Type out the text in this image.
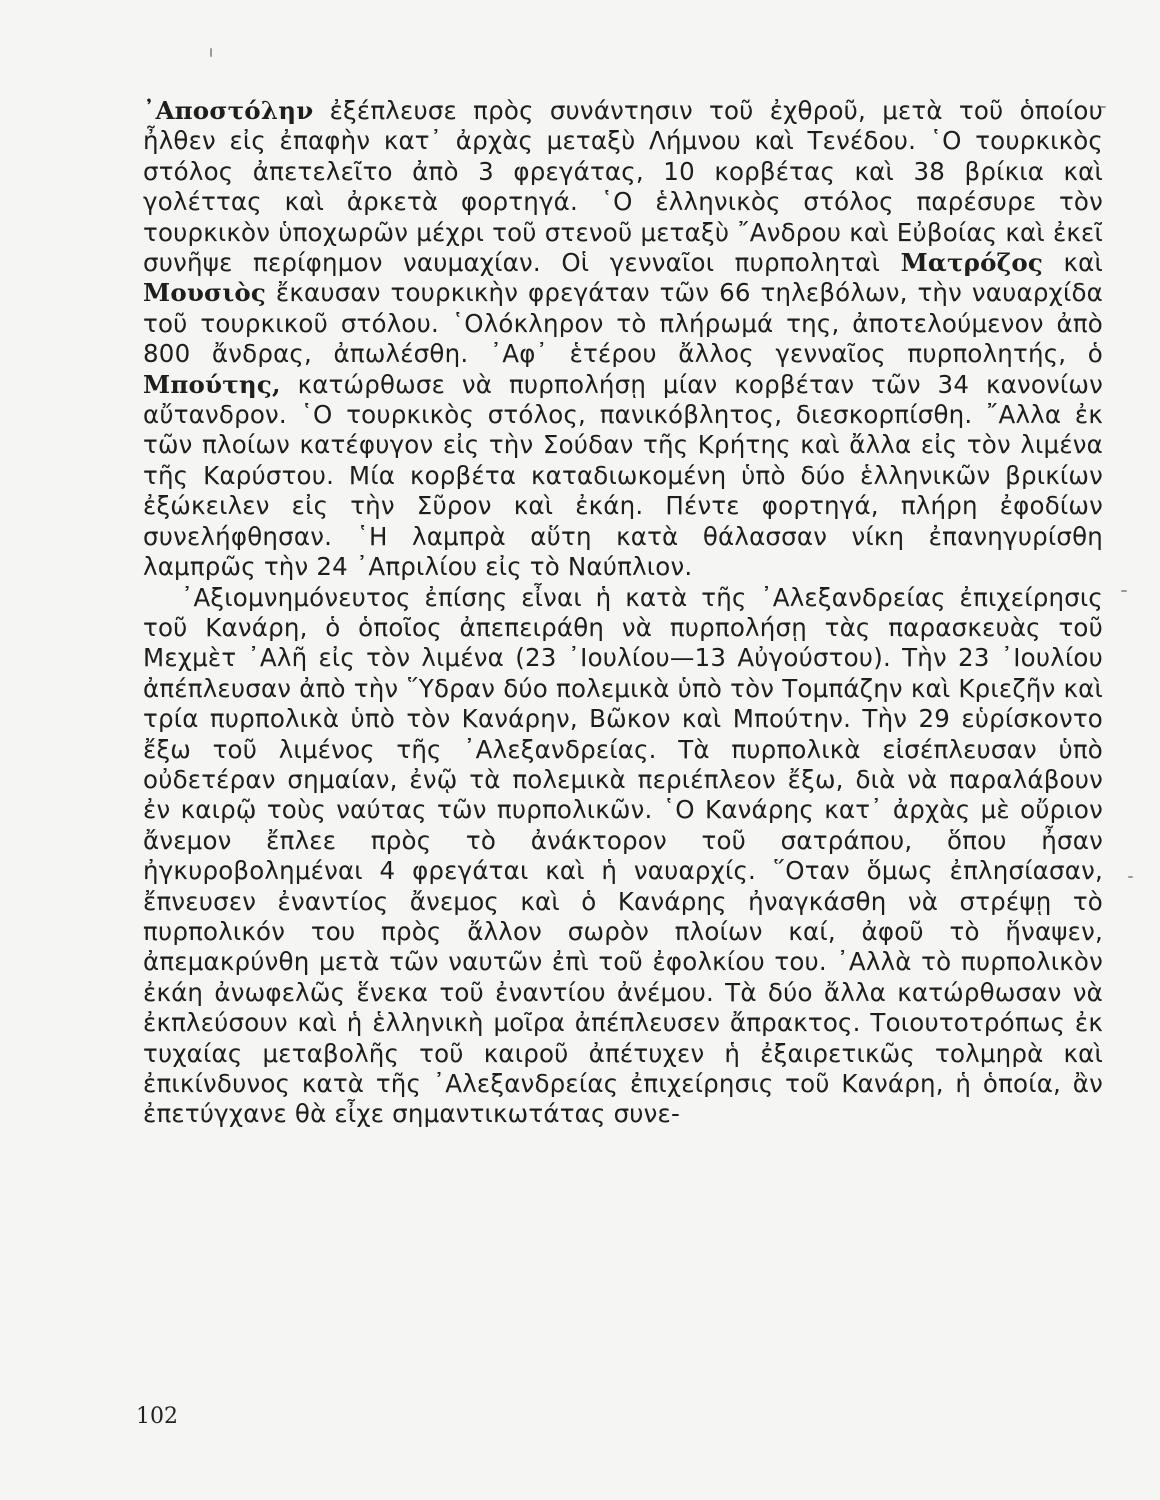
᾽Αποστόλην ἐξέπλευσε πρὸς συνάντησιν τοῦ ἐχθροῦ, μετὰ τοῦ ὁποίου ἦλθεν εἰς ἐπαφὴν κατ᾽ ἀρχὰς μεταξὺ Λήμνου καὶ Τενέδου. ῾Ο τουρκικὸς στόλος ἀπετελεῖτο ἀπὸ 3 φρεγάτας, 10 κορβέτας καὶ 38 βρίκια καὶ γολέττας καὶ ἀρκετὰ φορτηγά. ῾Ο ἑλληνικὸς στόλος παρέσυρε τὸν τουρκικὸν ὑποχωρῶν μέχρι τοῦ στενοῦ μεταξὺ ῎Ανδρου καὶ Εὐβοίας καὶ ἐκεῖ συνῆψε περίφημον ναυμαχίαν. Οἱ γενναῖοι πυρποληταὶ Ματρόζος καὶ Μουσιὸς ἔκαυσαν τουρκικὴν φρεγάταν τῶν 66 τηλεβόλων, τὴν ναυαρχίδα τοῦ τουρκικοῦ στόλου. ῾Ολόκληρον τὸ πλήρωμά της, ἀποτελούμενον ἀπὸ 800 ἄνδρας, ἀπωλέσθη. ᾽Αφ᾽ ἑτέρου ἄλλος γενναῖος πυρπολητής, ὁ Μπούτης, κατώρθωσε νὰ πυρπολήσῃ μίαν κορβέταν τῶν 34 κανονίων αὔτανδρον. ῾Ο τουρκικὸς στόλος, πανικόβλητος, διεσκορπίσθη. ῎Αλλα ἐκ τῶν πλοίων κατέφυγον εἰς τὴν Σούδαν τῆς Κρήτης καὶ ἄλλα εἰς τὸν λιμένα τῆς Καρύστου. Μία κορβέτα καταδιωκομένη ὑπὸ δύο ἑλληνικῶν βρικίων ἐξώκειλεν εἰς τὴν Σῦρον καὶ ἐκάη. Πέντε φορτηγά, πλήρη ἐφοδίων συνελήφθησαν. ῾Η λαμπρὰ αὕτη κατὰ θάλασσαν νίκη ἐπανηγυρίσθη λαμπρῶς τὴν 24 ᾽Απριλίου εἰς τὸ Ναύπλιον.

᾽Αξιομνημόνευτος ἐπίσης εἶναι ἡ κατὰ τῆς ᾽Αλεξανδρείας ἐπιχείρησις τοῦ Κανάρη, ὁ ὁποῖος ἀπεπειράθη νὰ πυρπολήσῃ τὰς παρασκευὰς τοῦ Μεχμὲτ ᾽Αλῆ εἰς τὸν λιμένα (23 ᾽Ιουλίου—13 Αὐγούστου). Τὴν 23 ᾽Ιουλίου ἀπέπλευσαν ἀπὸ τὴν ῞Υδραν δύο πολεμικὰ ὑπὸ τὸν Τομπάζην καὶ Κριεζῆν καὶ τρία πυρπολικὰ ὑπὸ τὸν Κανάρην, Βῶκον καὶ Μπούτην. Τὴν 29 εὑρίσκοντο ἔξω τοῦ λιμένος τῆς ᾽Αλεξανδρείας. Τὰ πυρπολικὰ εἰσέπλευσαν ὑπὸ οὐδετέραν σημαίαν, ἐνῷ τὰ πολεμικὰ περιέπλεον ἔξω, διὰ νὰ παραλάβουν ἐν καιρῷ τοὺς ναύτας τῶν πυρπολικῶν. ῾Ο Κανάρης κατ᾽ ἀρχὰς μὲ οὔριον ἄνεμον ἔπλεε πρὸς τὸ ἀνάκτορον τοῦ σατράπου, ὅπου ἦσαν ἠγκυροβολημέναι 4 φρεγάται καὶ ἡ ναυαρχίς. ῞Οταν ὅμως ἐπλησίασαν, ἔπνευσεν ἐναντίος ἄνεμος καὶ ὁ Κανάρης ἠναγκάσθη νὰ στρέψῃ τὸ πυρπολικόν του πρὸς ἄλλον σωρὸν πλοίων καί, ἀφοῦ τὸ ἥναψεν, ἀπεμακρύνθη μετὰ τῶν ναυτῶν ἐπὶ τοῦ ἐφολκίου του. ᾽Αλλὰ τὸ πυρπολικὸν ἐκάη ἀνωφελῶς ἕνεκα τοῦ ἐναντίου ἀνέμου. Τὰ δύο ἄλλα κατώρθωσαν νὰ ἐκπλεύσουν καὶ ἡ ἑλληνικὴ μοῖρα ἀπέπλευσεν ἄπρακτος. Τοιουτοτρόπως ἐκ τυχαίας μεταβολῆς τοῦ καιροῦ ἀπέτυχεν ἡ ἐξαιρετικῶς τολμηρὰ καὶ ἐπικίνδυνος κατὰ τῆς ᾽Αλεξανδρείας ἐπιχείρησις τοῦ Κανάρη, ἡ ὁποία, ἂν ἐπετύγχανε θὰ εἶχε σημαντικωτάτας συνε-

102
